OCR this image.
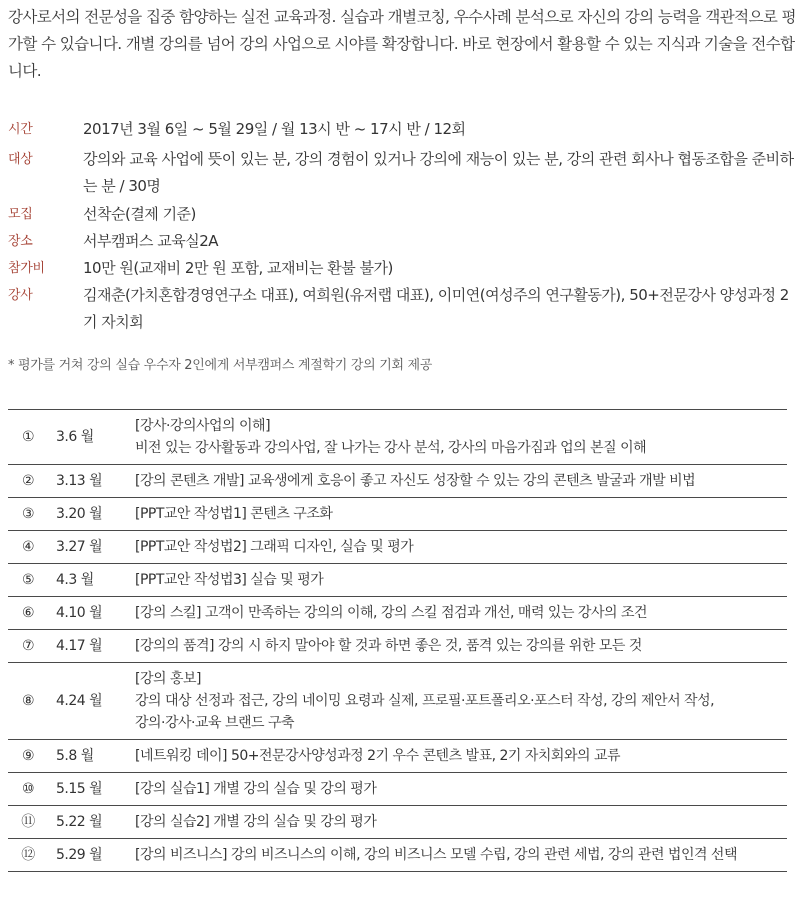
강사로서의 전문성을 집중 함양하는 실전 교육과정. 실습과 개별코칭, 우수사례 분석으로 자신의 강의 능력을 객관적으로 평가할 수 있습니다. 개별 강의를 넘어 강의 사업으로 시야를 확장합니다. 바로 현장에서 활용할 수 있는 지식과 기술을 전수합니다.
시간	2017년 3월 6일 ~ 5월 29일 / 월 13시 반 ~ 17시 반 / 12회
대상	강의와 교육 사업에 뜻이 있는 분, 강의 경험이 있거나 강의에 재능이 있는 분, 강의 관련 회사나 협동조합을 준비하는 분 / 30명
모집	선착순(결제 기준)
장소	서부캠퍼스 교육실2A
참가비	10만 원(교재비 2만 원 포함, 교재비는 환불 불가)
강사	김재춘(가치혼합경영연구소 대표), 여희원(유저랩 대표), 이미연(여성주의 연구활동가), 50+전문강사 양성과정 2기 자치회
* 평가를 거쳐 강의 실습 우수자 2인에게 서부캠퍼스 계절학기 강의 기회 제공
①	3.6 월	[강사·강의사업의 이해]
비전 있는 강사활동과 강의사업, 잘 나가는 강사 분석, 강사의 마음가짐과 업의 본질 이해

②	3.13 월	[강의 콘텐츠 개발] 교육생에게 호응이 좋고 자신도 성장할 수 있는 강의 콘텐츠 발굴과 개발 비법

③	3.20 월	[PPT교안 작성법1] 콘텐츠 구조화

④	3.27 월	[PPT교안 작성법2] 그래픽 디자인, 실습 및 평가

⑤	4.3 월	[PPT교안 작성법3] 실습 및 평가

⑥	4.10 월	[강의 스킬] 고객이 만족하는 강의의 이해, 강의 스킬 점검과 개선, 매력 있는 강사의 조건

⑦	4.17 월	[강의의 품격] 강의 시 하지 말아야 할 것과 하면 좋은 것, 품격 있는 강의를 위한 모든 것

⑧	4.24 월	[강의 홍보]
강의 대상 선정과 접근, 강의 네이밍 요령과 실제, 프로필·포트폴리오·포스터 작성, 강의 제안서 작성,
강의·강사·교육 브랜드 구축

⑨	5.8 월	[네트워킹 데이] 50+전문강사양성과정 2기 우수 콘텐츠 발표, 2기 자치회와의 교류

⑩	5.15 월	[강의 실습1] 개별 강의 실습 및 강의 평가

⑪	5.22 월	[강의 실습2] 개별 강의 실습 및 강의 평가

⑫	5.29 월	[강의 비즈니스] 강의 비즈니스의 이해, 강의 비즈니스 모델 수립, 강의 관련 세법, 강의 관련 법인격 선택
